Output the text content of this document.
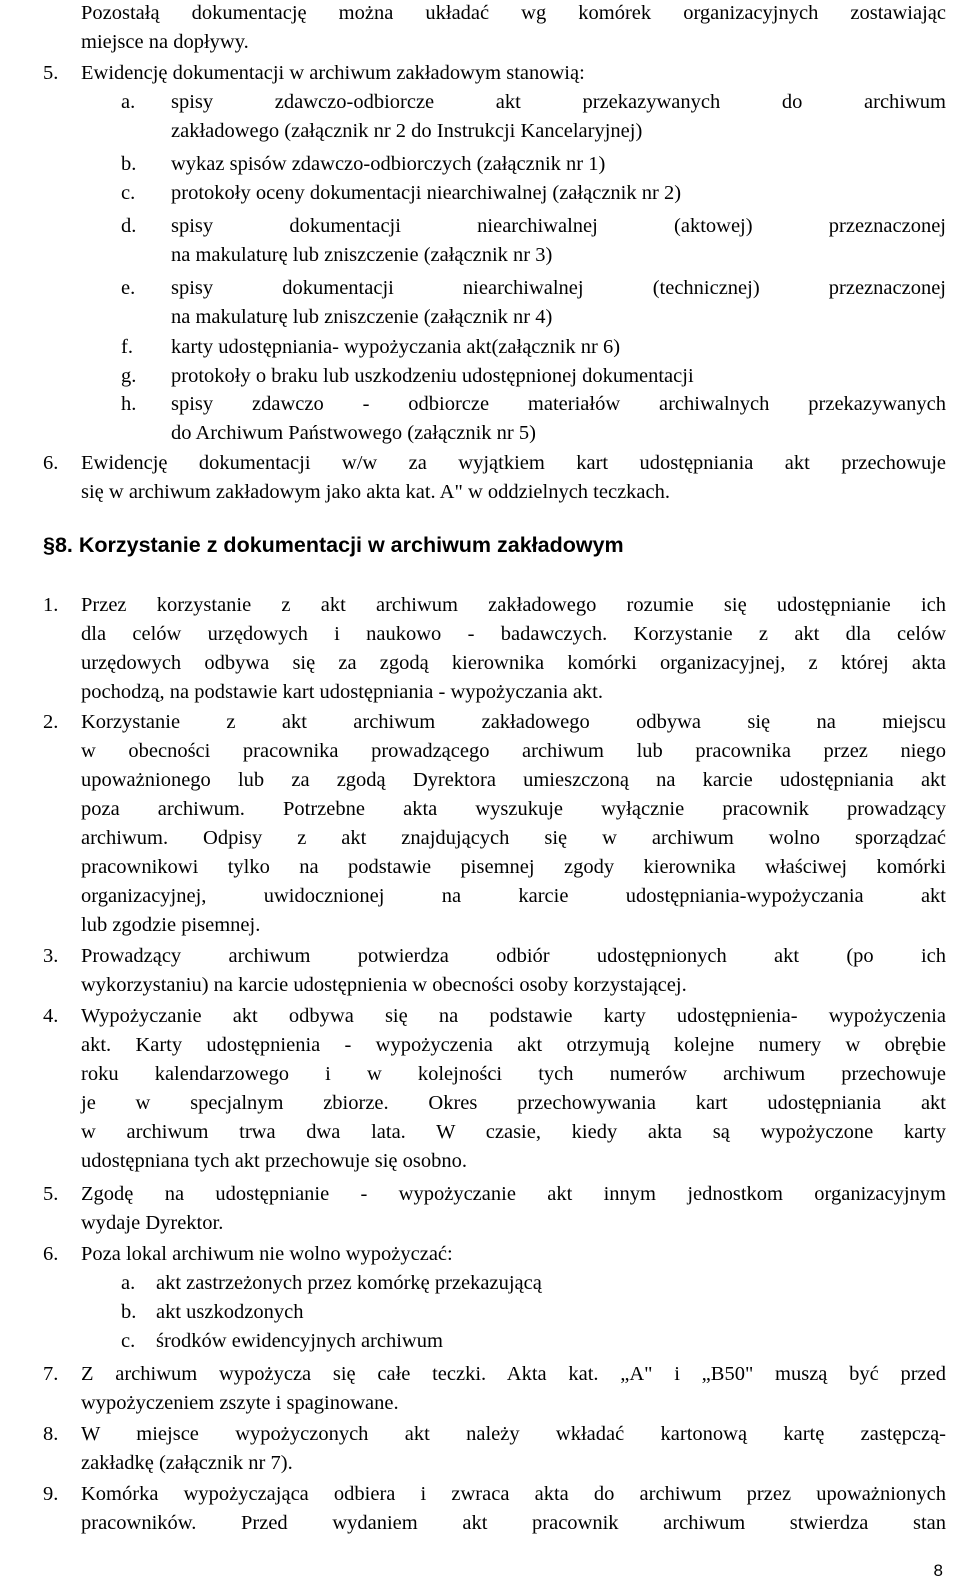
Pozostałą dokumentację można układać wg komórek organizacyjnych zostawiając
miejsce na dopływy.
5. Ewidencję dokumentacji w archiwum zakładowym stanowią:
a. spisy zdawczo-odbiorcze akt przekazywanych do archiwum
zakładowego (załącznik nr 2 do Instrukcji Kancelaryjnej)
b. wykaz spisów zdawczo-odbiorczych (załącznik nr 1)
c. protokoły oceny dokumentacji niearchiwalnej (załącznik nr 2)
d. spisy dokumentacji niearchiwalnej (aktowej) przeznaczonej
na makulaturę lub zniszczenie (załącznik nr 3)
e. spisy dokumentacji niearchiwalnej (technicznej) przeznaczonej
na makulaturę lub zniszczenie (załącznik nr 4)
f. karty udostępniania- wypożyczania akt(załącznik nr 6)
g. protokoły o braku lub uszkodzeniu udostępnionej dokumentacji
h. spisy zdawczo - odbiorcze materiałów archiwalnych przekazywanych
do Archiwum Państwowego (załącznik nr 5)
6. Ewidencję dokumentacji w/w za wyjątkiem kart udostępniania akt przechowuje
się w archiwum zakładowym jako akta kat. A" w oddzielnych teczkach.
§8. Korzystanie z dokumentacji w archiwum zakładowym
1. Przez korzystanie z akt archiwum zakładowego rozumie się udostępnianie ich
dla celów urzędowych i naukowo - badawczych. Korzystanie z akt dla celów
urzędowych odbywa się za zgodą kierownika komórki organizacyjnej, z której akta
pochodzą, na podstawie kart udostępniania - wypożyczania akt.
2. Korzystanie z akt archiwum zakładowego odbywa się na miejscu
w obecności pracownika prowadzącego archiwum lub pracownika przez niego
upoważnionego lub za zgodą Dyrektora umieszczoną na karcie udostępniania akt
poza archiwum. Potrzebne akta wyszukuje wyłącznie pracownik prowadzący
archiwum. Odpisy z akt znajdujących się w archiwum wolno sporządzać
pracownikowi tylko na podstawie pisemnej zgody kierownika właściwej komórki
organizacyjnej, uwidocznionej na karcie udostępniania-wypożyczania akt
lub zgodzie pisemnej.
3. Prowadzący archiwum potwierdza odbiór udostępnionych akt (po ich
wykorzystaniu) na karcie udostępnienia w obecności osoby korzystającej.
4. Wypożyczanie akt odbywa się na podstawie karty udostępnienia- wypożyczenia
akt. Karty udostępnienia - wypożyczenia akt otrzymują kolejne numery w obrębie
roku kalendarzowego i w kolejności tych numerów archiwum przechowuje
je w specjalnym zbiorze. Okres przechowywania kart udostępniania akt
w archiwum trwa dwa lata. W czasie, kiedy akta są wypożyczone karty
udostępniana tych akt przechowuje się osobno.
5. Zgodę na udostępnianie - wypożyczanie akt innym jednostkom organizacyjnym
wydaje Dyrektor.
6. Poza lokal archiwum nie wolno wypożyczać:
a. akt zastrzeżonych przez komórkę przekazującą
b. akt uszkodzonych
c. środków ewidencyjnych archiwum
7. Z archiwum wypożycza się całe teczki. Akta kat. „A" i „B50" muszą być przed
wypożyczeniem zszyte i spaginowane.
8. W miejsce wypożyczonych akt należy wkładać kartonową kartę zastępczą-
zakładkę (załącznik nr 7).
9. Komórka wypożyczająca odbiera i zwraca akta do archiwum przez upoważnionych
pracowników. Przed wydaniem akt pracownik archiwum stwierdza stan
8
